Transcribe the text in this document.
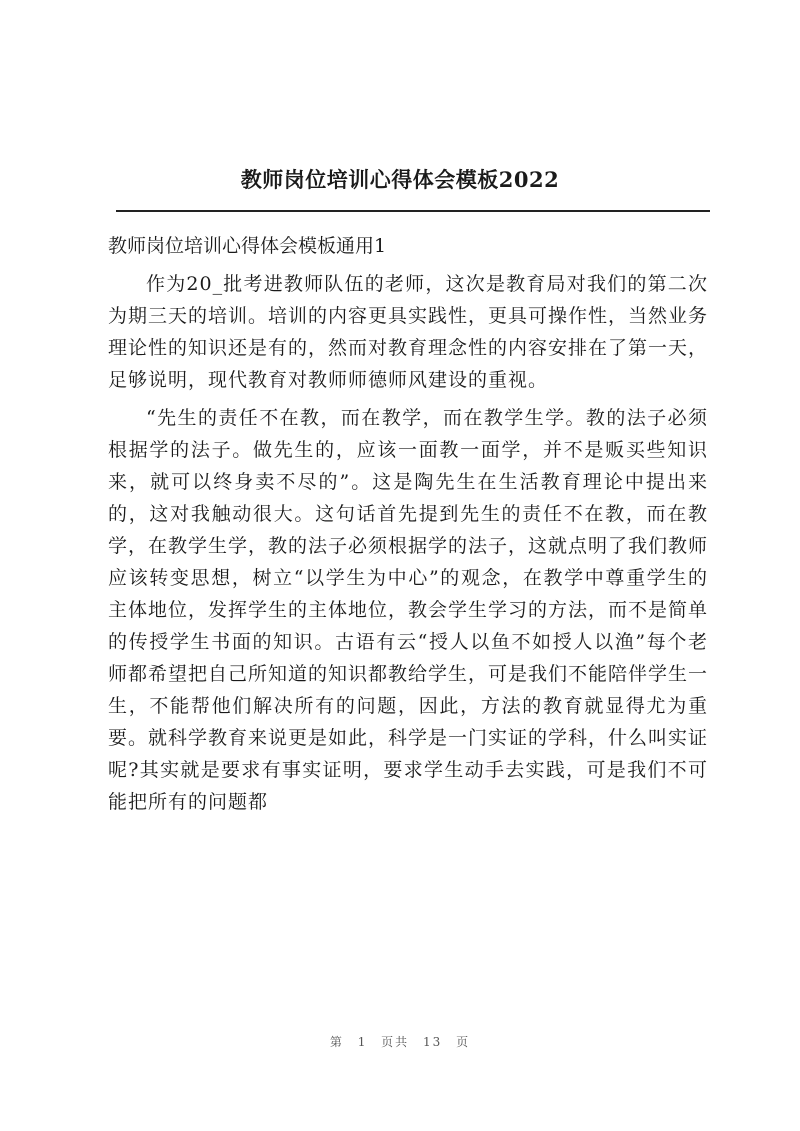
教师岗位培训心得体会模板2022

教师岗位培训心得体会模板通用1

作为20_批考进教师队伍的老师，这次是教育局对我们的第二次为期三天的培训。培训的内容更具实践性，更具可操作性，当然业务理论性的知识还是有的，然而对教育理念性的内容安排在了第一天，足够说明，现代教育对教师师德师风建设的重视。

“先生的责任不在教，而在教学，而在教学生学。教的法子必须根据学的法子。做先生的，应该一面教一面学，并不是贩买些知识来，就可以终身卖不尽的”。这是陶先生在生活教育理论中提出来的，这对我触动很大。这句话首先提到先生的责任不在教，而在教学，在教学生学，教的法子必须根据学的法子，这就点明了我们教师应该转变思想，树立“以学生为中心”的观念，在教学中尊重学生的主体地位，发挥学生的主体地位，教会学生学习的方法，而不是简单的传授学生书面的知识。古语有云“授人以鱼不如授人以渔”每个老师都希望把自己所知道的知识都教给学生，可是我们不能陪伴学生一生，不能帮他们解决所有的问题，因此，方法的教育就显得尤为重要。就科学教育来说更是如此，科学是一门实证的学科，什么叫实证呢?其实就是要求有事实证明，要求学生动手去实践，可是我们不可能把所有的问题都

第 1 页共 13 页
